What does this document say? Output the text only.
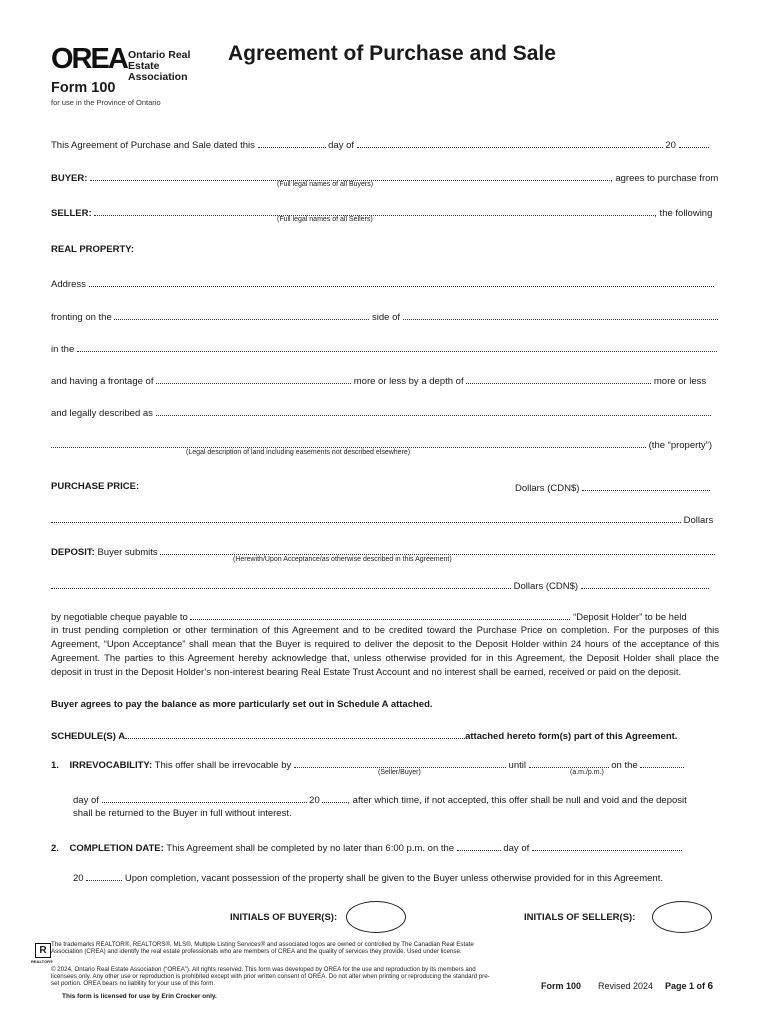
OREA Ontario Real Estate Association
Agreement of Purchase and Sale
Form 100
for use in the Province of Ontario
This Agreement of Purchase and Sale dated this	day of	20
BUYER:	, agrees to purchase from
(Full legal names of all Buyers)
SELLER:	, the following
(Full legal names of all Sellers)
REAL PROPERTY:
Address
fronting on the	side of
in the
and having a frontage of	more or less by a depth of	more or less
and legally described as
(the “property”)
(Legal description of land including easements not described elsewhere)
PURCHASE PRICE:	Dollars (CDN$)
Dollars
DEPOSIT: Buyer submits
(Herewith/Upon Acceptance/as otherwise described in this Agreement)
Dollars (CDN$)
by negotiable cheque payable to	“Deposit Holder” to be held
in trust pending completion or other termination of this Agreement and to be credited toward the Purchase Price on completion. For the purposes of this Agreement, “Upon Acceptance” shall mean that the Buyer is required to deliver the deposit to the Deposit Holder within 24 hours of the acceptance of this Agreement. The parties to this Agreement hereby acknowledge that, unless otherwise provided for in this Agreement, the Deposit Holder shall place the deposit in trust in the Deposit Holder’s non-interest bearing Real Estate Trust Account and no interest shall be earned, received or paid on the deposit.
Buyer agrees to pay the balance as more particularly set out in Schedule A attached.
SCHEDULE(S) A	attached hereto form(s) part of this Agreement.
1. IRREVOCABILITY: This offer shall be irrevocable by	until	on the
(Seller/Buyer)	(a.m./p.m.)
day of	20	, after which time, if not accepted, this offer shall be null and void and the deposit
shall be returned to the Buyer in full without interest.
2. COMPLETION DATE: This Agreement shall be completed by no later than 6:00 p.m. on the	day of
20	Upon completion, vacant possession of the property shall be given to the Buyer unless otherwise provided for in this Agreement.
INITIALS OF BUYER(S):	INITIALS OF SELLER(S):
R
REALTOR®
The trademarks REALTOR®, REALTORS®, MLS®, Multiple Listing Services® and associated logos are owned or controlled by The Canadian Real Estate Association (CREA) and identify the real estate professionals who are members of CREA and the quality of services they provide. Used under license.
© 2024, Ontario Real Estate Association (“OREA”). All rights reserved. This form was developed by OREA for the use and reproduction by its members and licensees only. Any other use or reproduction is prohibited except with prior written consent of OREA. Do not alter when printing or reproducing the standard pre-set portion. OREA bears no liability for your use of this form.
This form is licensed for use by Erin Crocker only.
Form 100 Revised 2024 Page 1 of 6
